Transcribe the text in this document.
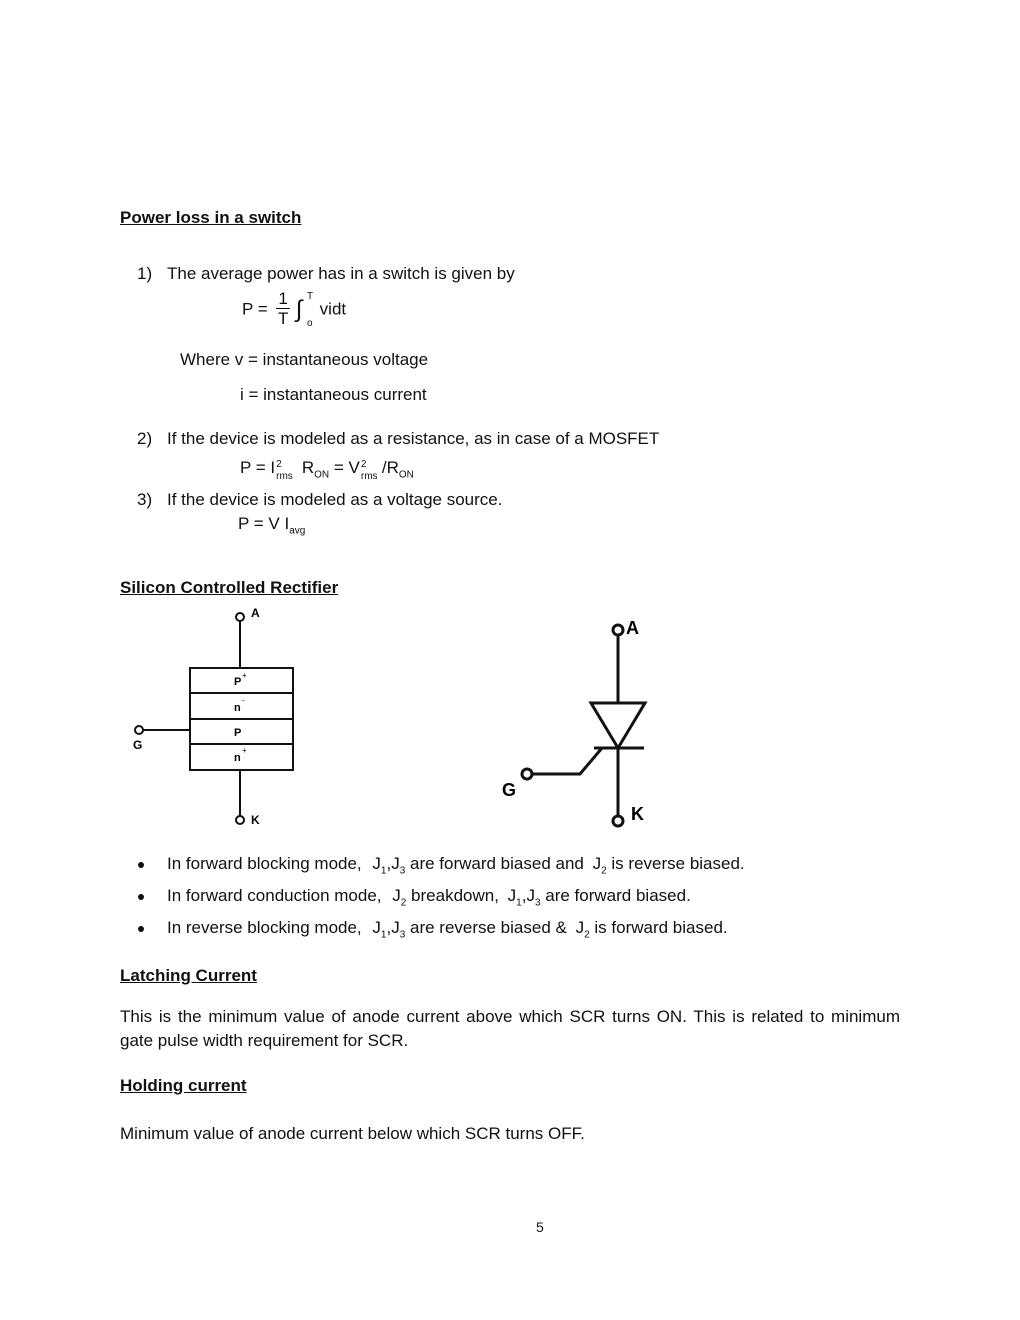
Power loss in a switch
1) The average power has in a switch is given by
$P = \frac{1}{T}$ ∫ T
o
vidt
Where v = instantaneous voltage
i = instantaneous current
2) If the device is modeled as a resistance, as in case of a MOSFET
P = I 2
rms $R_{ON} = V$ 2
rms $/R_{ON}$
3) If the device is modeled as a voltage source.
P = V $I_{avg}$
Silicon Controlled Rectifier
A
P
+
n
-
P
n
+
G
K
A
K
G
In forward blocking mode, $J_1,J_3$ are forward biased and $J_2$ is reverse biased.
In forward conduction mode, $J_2$ breakdown, $J_1,J_3$ are forward biased.
In reverse blocking mode, $J_1,J_3$ are reverse biased & $J_2$ is forward biased.
Latching Current
This is the minimum value of anode current above which SCR turns ON. This is related to minimum gate pulse width requirement for SCR.
Holding current
Minimum value of anode current below which SCR turns OFF.
5
